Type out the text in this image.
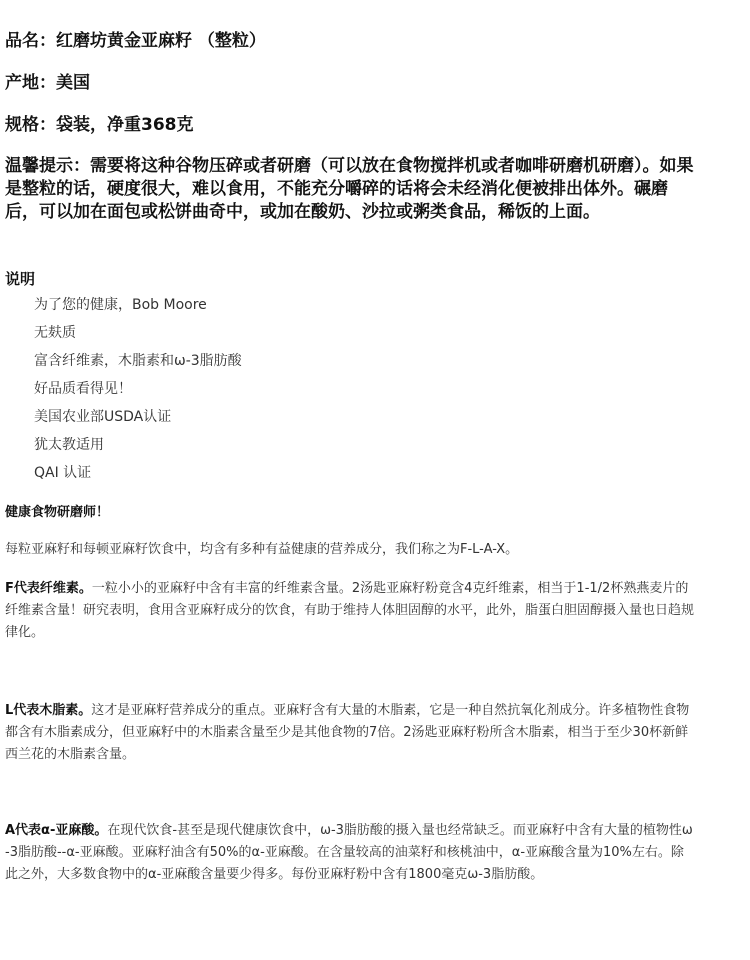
品名：红磨坊黄金亚麻籽 （整粒）

产地：美国

规格：袋装，净重368克

温馨提示：需要将这种谷物压碎或者研磨（可以放在食物搅拌机或者咖啡研磨机研磨）。如果是整粒的话，硬度很大，难以食用，不能充分嚼碎的话将会未经消化便被排出体外。碾磨后，可以加在面包或松饼曲奇中，或加在酸奶、沙拉或粥类食品，稀饭的上面。

说明

为了您的健康，Bob Moore
无麸质
富含纤维素，木脂素和ω-3脂肪酸
好品质看得见！
美国农业部USDA认证
犹太教适用
QAI 认证

健康食物研磨师！

每粒亚麻籽和每顿亚麻籽饮食中，均含有多种有益健康的营养成分，我们称之为F-L-A-X。

F代表纤维素。一粒小小的亚麻籽中含有丰富的纤维素含量。2汤匙亚麻籽粉竟含4克纤维素，相当于1-1/2杯熟燕麦片的纤维素含量！研究表明，食用含亚麻籽成分的饮食，有助于维持人体胆固醇的水平，此外，脂蛋白胆固醇摄入量也日趋规律化。

L代表木脂素。这才是亚麻籽营养成分的重点。亚麻籽含有大量的木脂素，它是一种自然抗氧化剂成分。许多植物性食物都含有木脂素成分，但亚麻籽中的木脂素含量至少是其他食物的7倍。2汤匙亚麻籽粉所含木脂素，相当于至少30杯新鲜西兰花的木脂素含量。

A代表α-亚麻酸。在现代饮食-甚至是现代健康饮食中，ω-3脂肪酸的摄入量也经常缺乏。而亚麻籽中含有大量的植物性ω-3脂肪酸--α-亚麻酸。亚麻籽油含有50%的α-亚麻酸。在含量较高的油菜籽和核桃油中，α-亚麻酸含量为10%左右。除此之外，大多数食物中的α-亚麻酸含量要少得多。每份亚麻籽粉中含有1800毫克ω-3脂肪酸。
